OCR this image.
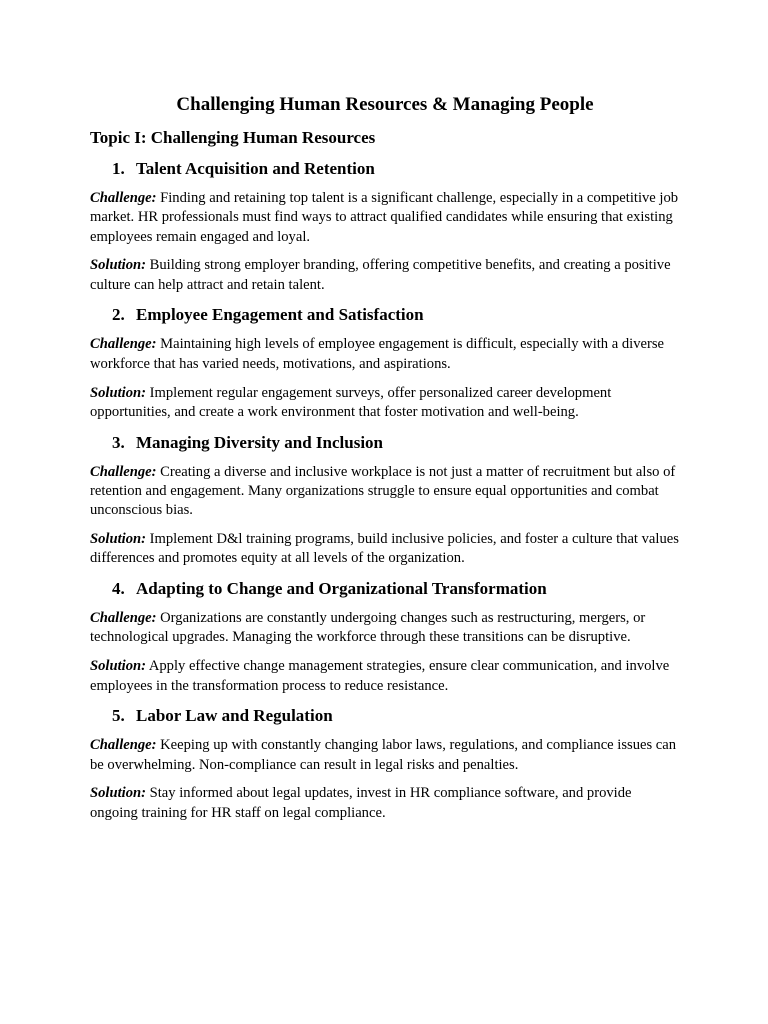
Challenging Human Resources & Managing People
Topic I: Challenging Human Resources
1. Talent Acquisition and Retention

Challenge: Finding and retaining top talent is a significant challenge, especially in a competitive job market. HR professionals must find ways to attract qualified candidates while ensuring that existing employees remain engaged and loyal.

Solution: Building strong employer branding, offering competitive benefits, and creating a positive culture can help attract and retain talent.

2. Employee Engagement and Satisfaction

Challenge: Maintaining high levels of employee engagement is difficult, especially with a diverse workforce that has varied needs, motivations, and aspirations.

Solution: Implement regular engagement surveys, offer personalized career development opportunities, and create a work environment that foster motivation and well-being.

3. Managing Diversity and Inclusion

Challenge: Creating a diverse and inclusive workplace is not just a matter of recruitment but also of retention and engagement. Many organizations struggle to ensure equal opportunities and combat unconscious bias.

Solution: Implement D&l training programs, build inclusive policies, and foster a culture that values differences and promotes equity at all levels of the organization.

4. Adapting to Change and Organizational Transformation

Challenge: Organizations are constantly undergoing changes such as restructuring, mergers, or technological upgrades. Managing the workforce through these transitions can be disruptive.

Solution: Apply effective change management strategies, ensure clear communication, and involve employees in the transformation process to reduce resistance.

5. Labor Law and Regulation

Challenge: Keeping up with constantly changing labor laws, regulations, and compliance issues can be overwhelming. Non-compliance can result in legal risks and penalties.

Solution: Stay informed about legal updates, invest in HR compliance software, and provide ongoing training for HR staff on legal compliance.
